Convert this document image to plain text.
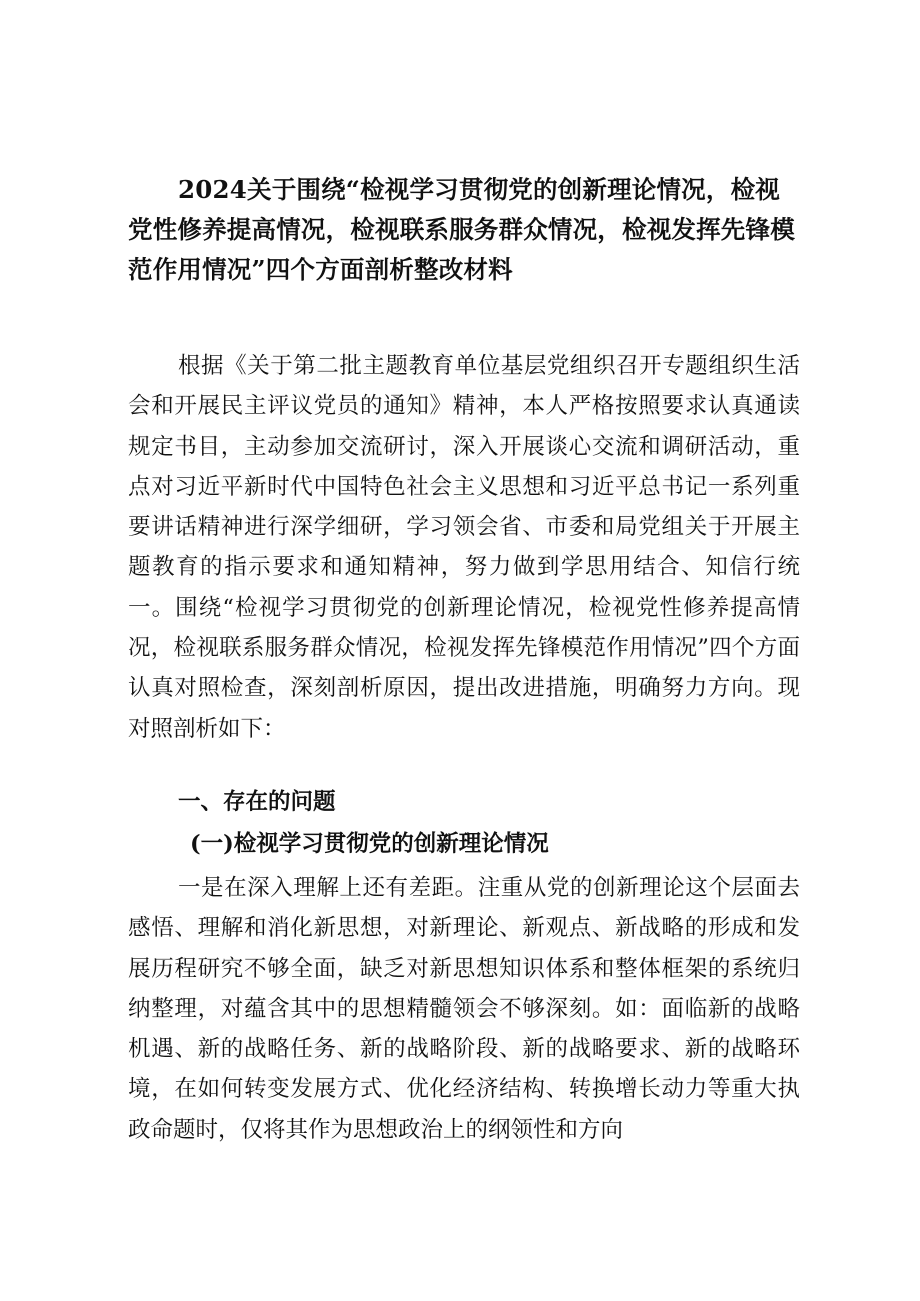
2024关于围绕“检视学习贯彻党的创新理论情况，检视党性修养提高情况，检视联系服务群众情况，检视发挥先锋模范作用情况”四个方面剖析整改材料

根据《关于第二批主题教育单位基层党组织召开专题组织生活会和开展民主评议党员的通知》精神，本人严格按照要求认真通读规定书目，主动参加交流研讨，深入开展谈心交流和调研活动，重点对习近平新时代中国特色社会主义思想和习近平总书记一系列重要讲话精神进行深学细研，学习领会省、市委和局党组关于开展主题教育的指示要求和通知精神，努力做到学思用结合、知信行统一。围绕“检视学习贯彻党的创新理论情况，检视党性修养提高情况，检视联系服务群众情况，检视发挥先锋模范作用情况”四个方面认真对照检查，深刻剖析原因，提出改进措施，明确努力方向。现对照剖析如下：

一、存在的问题
(一)检视学习贯彻党的创新理论情况

一是在深入理解上还有差距。注重从党的创新理论这个层面去感悟、理解和消化新思想，对新理论、新观点、新战略的形成和发展历程研究不够全面，缺乏对新思想知识体系和整体框架的系统归纳整理，对蕴含其中的思想精髓领会不够深刻。如：面临新的战略机遇、新的战略任务、新的战略阶段、新的战略要求、新的战略环境，在如何转变发展方式、优化经济结构、转换增长动力等重大执政命题时，仅将其作为思想政治上的纲领性和方向
